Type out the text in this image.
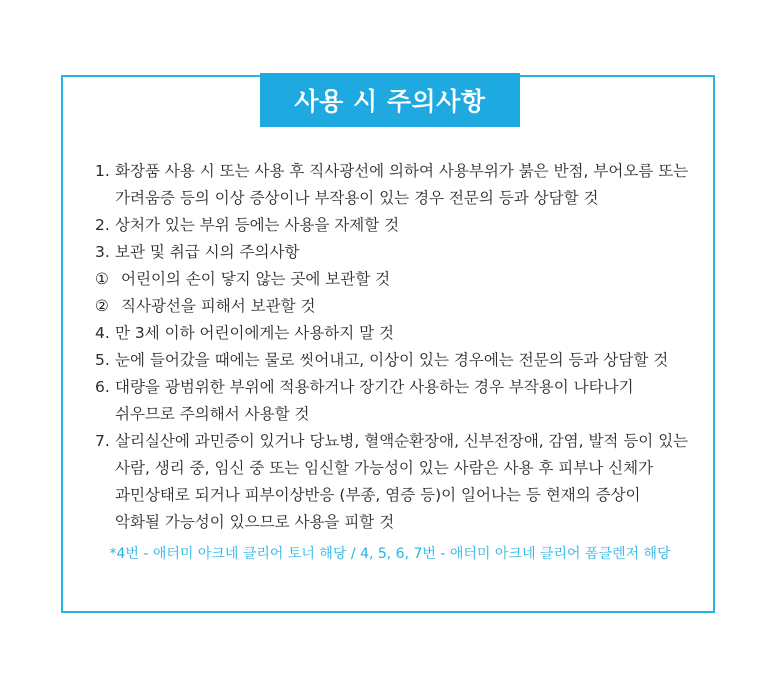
사용 시 주의사항
1. 화장품 사용 시 또는 사용 후 직사광선에 의하여 사용부위가 붉은 반점, 부어오름 또는
가려움증 등의 이상 증상이나 부작용이 있는 경우 전문의 등과 상담할 것
2. 상처가 있는 부위 등에는 사용을 자제할 것
3. 보관 및 취급 시의 주의사항
① 어린이의 손이 닿지 않는 곳에 보관할 것
② 직사광선을 피해서 보관할 것
4. 만 3세 이하 어린이에게는 사용하지 말 것
5. 눈에 들어갔을 때에는 물로 씻어내고, 이상이 있는 경우에는 전문의 등과 상담할 것
6. 대량을 광범위한 부위에 적용하거나 장기간 사용하는 경우 부작용이 나타나기
쉬우므로 주의해서 사용할 것
7. 살리실산에 과민증이 있거나 당뇨병, 혈액순환장애, 신부전장애, 감염, 발적 등이 있는
사람, 생리 중, 임신 중 또는 임신할 가능성이 있는 사람은 사용 후 피부나 신체가
과민상태로 되거나 피부이상반응 (부종, 염증 등)이 일어나는 등 현재의 증상이
악화될 가능성이 있으므로 사용을 피할 것
*4번 - 애터미 아크네 클리어 토너 해당 / 4, 5, 6, 7번 - 애터미 아크네 클리어 폼클렌저 해당
